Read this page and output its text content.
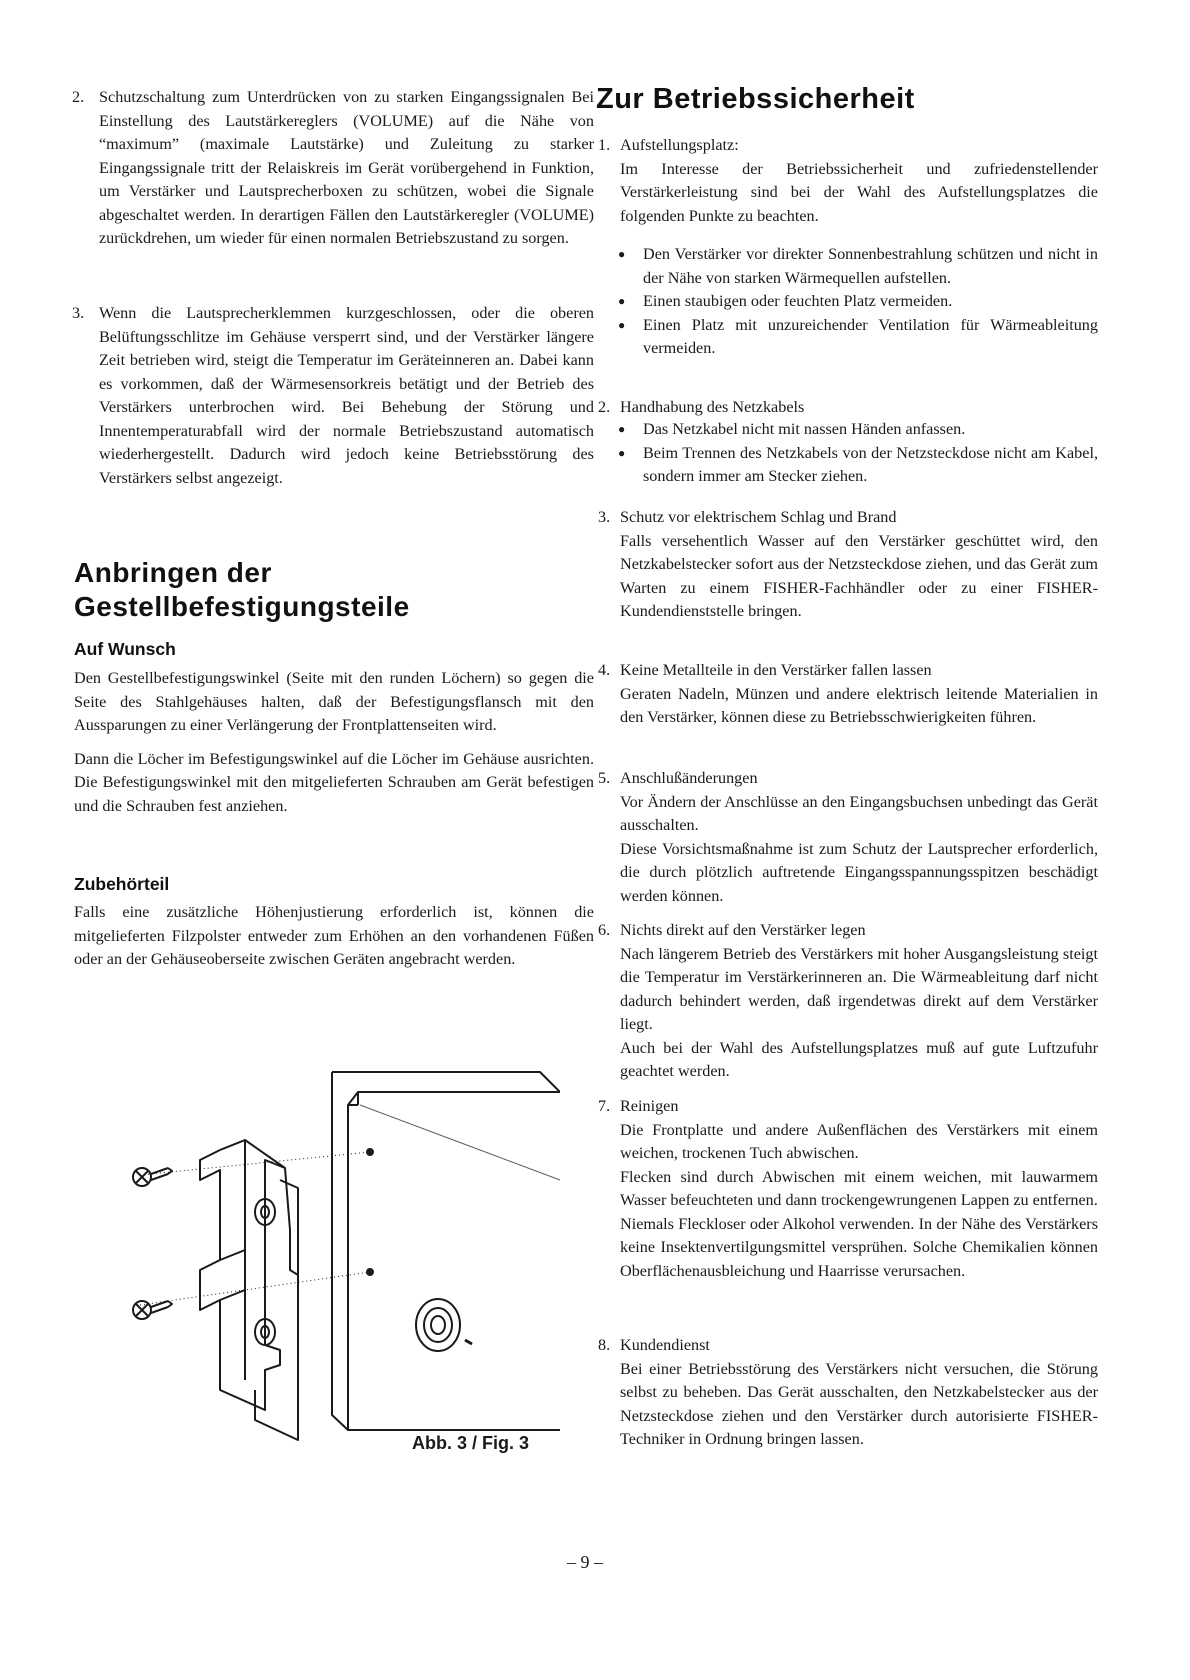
2. Schutzschaltung zum Unterdrücken von zu starken Eingangssignalen Bei Einstellung des Lautstärkereglers (VOLUME) auf die Nähe von “maximum” (maximale Lautstärke) und Zuleitung zu starker Eingangssignale tritt der Relaiskreis im Gerät vorübergehend in Funktion, um Verstärker und Lautsprecherboxen zu schützen, wobei die Signale abgeschaltet werden. In derartigen Fällen den Lautstärkeregler (VOLUME) zurückdrehen, um wieder für einen normalen Betriebszustand zu sorgen.
3. Wenn die Lautsprecherklemmen kurzgeschlossen, oder die oberen Belüftungsschlitze im Gehäuse versperrt sind, und der Verstärker längere Zeit betrieben wird, steigt die Temperatur im Geräteinneren an. Dabei kann es vorkommen, daß der Wärmesensorkreis betätigt und der Betrieb des Verstärkers unterbrochen wird. Bei Behebung der Störung und Innentemperaturabfall wird der normale Betriebszustand automatisch wiederhergestellt. Dadurch wird jedoch keine Betriebsstörung des Verstärkers selbst angezeigt.
Anbringen der
Gestellbefestigungsteile
Auf Wunsch

Den Gestellbefestigungswinkel (Seite mit den runden Löchern) so gegen die Seite des Stahlgehäuses halten, daß der Befestigungsflansch mit den Aussparungen zu einer Verlängerung der Frontplattenseiten wird.

Dann die Löcher im Befestigungswinkel auf die Löcher im Gehäuse ausrichten. Die Befestigungswinkel mit den mitgelieferten Schrauben am Gerät befestigen und die Schrauben fest anziehen.

Zubehörteil

Falls eine zusätzliche Höhenjustierung erforderlich ist, können die mitgelieferten Filzpolster entweder zum Erhöhen an den vorhandenen Füßen oder an der Gehäuseoberseite zwischen Geräten angebracht werden.

Abb. 3 / Fig. 3
Zur Betriebssicherheit
1. Aufstellungsplatz:
Im Interesse der Betriebssicherheit und zufriedenstellender Verstärkerleistung sind bei der Wahl des Aufstellungsplatzes die folgenden Punkte zu beachten.
● Den Verstärker vor direkter Sonnenbestrahlung schützen und nicht in der Nähe von starken Wärmequellen aufstellen.
● Einen staubigen oder feuchten Platz vermeiden.
● Einen Platz mit unzureichender Ventilation für Wärmeableitung vermeiden.
2. Handhabung des Netzkabels
● Das Netzkabel nicht mit nassen Händen anfassen.
● Beim Trennen des Netzkabels von der Netzsteckdose nicht am Kabel, sondern immer am Stecker ziehen.
3. Schutz vor elektrischem Schlag und Brand
Falls versehentlich Wasser auf den Verstärker geschüttet wird, den Netzkabelstecker sofort aus der Netzsteckdose ziehen, und das Gerät zum Warten zu einem FISHER-Fachhändler oder zu einer FISHER-Kundendienststelle bringen.
4. Keine Metallteile in den Verstärker fallen lassen
Geraten Nadeln, Münzen und andere elektrisch leitende Materialien in den Verstärker, können diese zu Betriebsschwierigkeiten führen.
5. Anschlußänderungen
Vor Ändern der Anschlüsse an den Eingangsbuchsen unbedingt das Gerät ausschalten.
Diese Vorsichtsmaßnahme ist zum Schutz der Lautsprecher erforderlich, die durch plötzlich auftretende Eingangsspannungsspitzen beschädigt werden können.
6. Nichts direkt auf den Verstärker legen
Nach längerem Betrieb des Verstärkers mit hoher Ausgangsleistung steigt die Temperatur im Verstärkerinneren an. Die Wärmeableitung darf nicht dadurch behindert werden, daß irgendetwas direkt auf dem Verstärker liegt.
Auch bei der Wahl des Aufstellungsplatzes muß auf gute Luftzufuhr geachtet werden.
7. Reinigen
Die Frontplatte und andere Außenflächen des Verstärkers mit einem weichen, trockenen Tuch abwischen.
Flecken sind durch Abwischen mit einem weichen, mit lauwarmem Wasser befeuchteten und dann trockengewrungenen Lappen zu entfernen.
Niemals Fleckloser oder Alkohol verwenden. In der Nähe des Verstärkers keine Insektenvertilgungsmittel versprühen. Solche Chemikalien können Oberflächenausbleichung und Haarrisse verursachen.
8. Kundendienst
Bei einer Betriebsstörung des Verstärkers nicht versuchen, die Störung selbst zu beheben. Das Gerät ausschalten, den Netzkabelstecker aus der Netzsteckdose ziehen und den Verstärker durch autorisierte FISHER-Techniker in Ordnung bringen lassen.
– 9 –
